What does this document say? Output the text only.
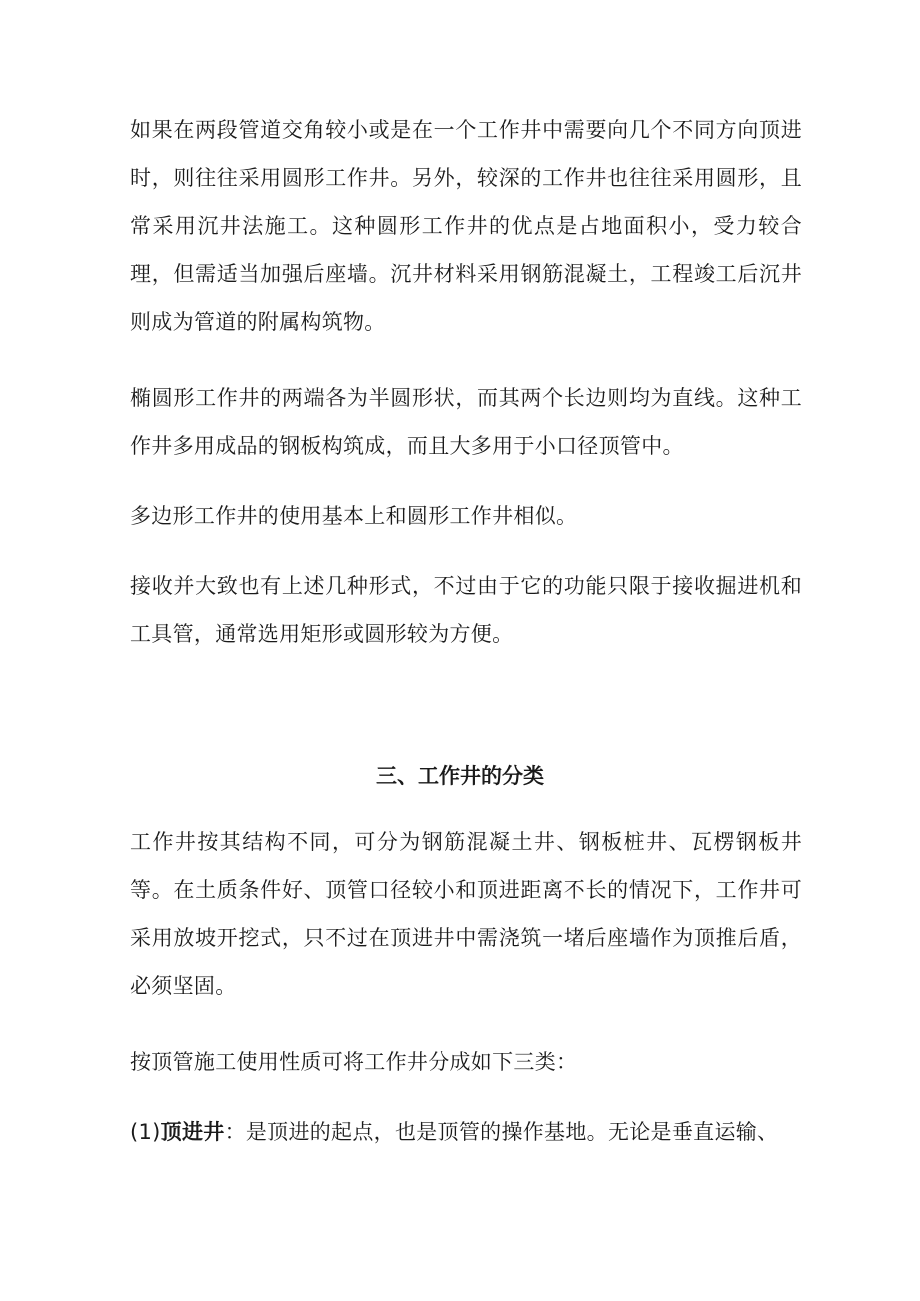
如果在两段管道交角较小或是在一个工作井中需要向几个不同方向顶进时，则往往采用圆形工作井。另外，较深的工作井也往往采用圆形，且常采用沉井法施工。这种圆形工作井的优点是占地面积小，受力较合理，但需适当加强后座墙。沉井材料采用钢筋混凝土，工程竣工后沉井则成为管道的附属构筑物。

椭圆形工作井的两端各为半圆形状，而其两个长边则均为直线。这种工作井多用成品的钢板构筑成，而且大多用于小口径顶管中。

多边形工作井的使用基本上和圆形工作井相似。

接收并大致也有上述几种形式，不过由于它的功能只限于接收掘进机和工具管，通常选用矩形或圆形较为方便。

三、工作井的分类

工作井按其结构不同，可分为钢筋混凝土井、钢板桩井、瓦楞钢板井等。在土质条件好、顶管口径较小和顶进距离不长的情况下，工作井可采用放坡开挖式，只不过在顶进井中需浇筑一堵后座墙作为顶推后盾，必须坚固。

按顶管施工使用性质可将工作井分成如下三类：

(1)顶进井：是顶进的起点，也是顶管的操作基地。无论是垂直运输、
